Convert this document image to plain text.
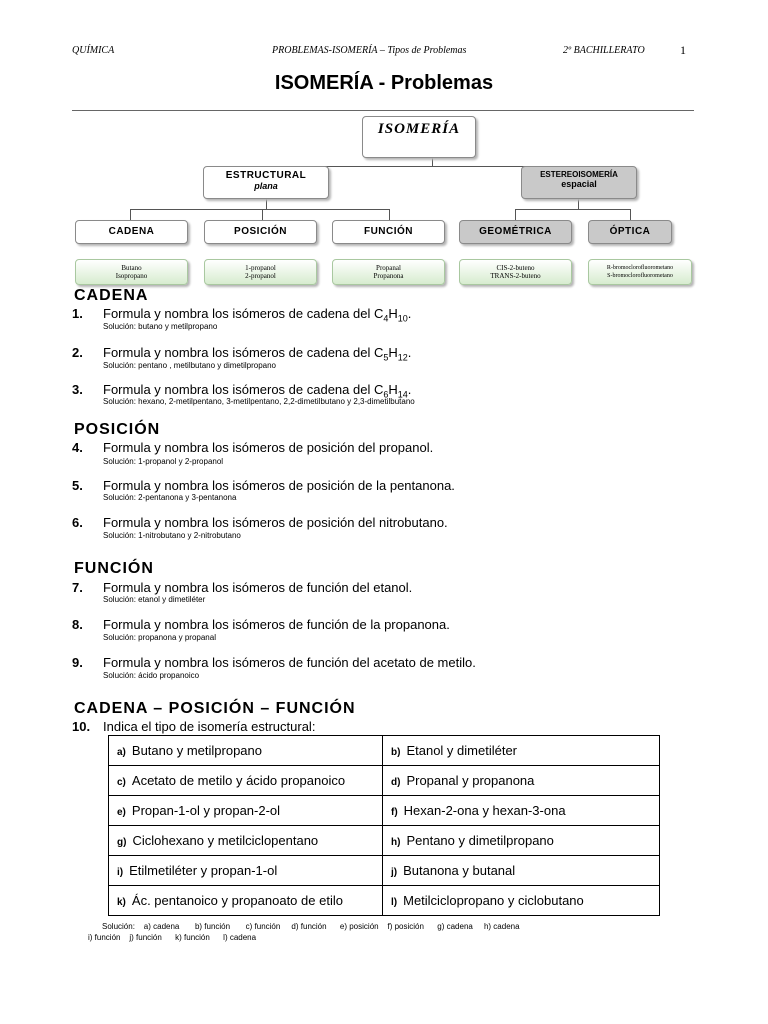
QUÍMICA	PROBLEMAS-ISOMERÍA – Tipos de Problemas	2º BACHILLERATO	1
ISOMERÍA - Problemas
ISOMERÍA
ESTRUCTURAL
plana
ESTEREOISOMERÍA
espacial
CADENA	POSICIÓN	FUNCIÓN	GEOMÉTRICA	ÓPTICA
Butano
Isopropano
1-propanol
2-propanol
Propanal
Propanona
CIS-2-buteno
TRANS-2-buteno
R-bromoclorofluorometano
S-bromoclorofluorometano
CADENA
1. Formula y nombra los isómeros de cadena del $C_4H_{10}$.
Solución: butano y metilpropano
2. Formula y nombra los isómeros de cadena del $C_5H_{12}$.
Solución: pentano , metilbutano y dimetilpropano
3. Formula y nombra los isómeros de cadena del $C_6H_{14}$.
Solución: hexano, 2-metilpentano, 3-metilpentano, 2,2-dimetilbutano y 2,3-dimetilbutano
POSICIÓN
4. Formula y nombra los isómeros de posición del propanol.
Solución: 1-propanol y 2-propanol
5. Formula y nombra los isómeros de posición de la pentanona.
Solución: 2-pentanona y 3-pentanona
6. Formula y nombra los isómeros de posición del nitrobutano.
Solución: 1-nitrobutano y 2-nitrobutano
FUNCIÓN
7. Formula y nombra los isómeros de función del etanol.
Solución: etanol y dimetiléter
8. Formula y nombra los isómeros de función de la propanona.
Solución: propanona y propanal
9. Formula y nombra los isómeros de función del acetato de metilo.
Solución: ácido propanoico
CADENA – POSICIÓN – FUNCIÓN
10. Indica el tipo de isomería estructural:
a) Butano y metilpropano	b) Etanol y dimetiléter
c) Acetato de metilo y ácido propanoico	d) Propanal y propanona
e) Propan-1-ol y propan-2-ol	f) Hexan-2-ona y hexan-3-ona
g) Ciclohexano y metilciclopentano	h) Pentano y dimetilpropano
i) Etilmetiléter y propan-1-ol	j) Butanona y butanal
k) Ác. pentanoico y propanoato de etilo	l) Metilciclopropano y ciclobutano
Solución:    a) cadena       b) función       c) función     d) función      e) posición    f) posición      g) cadena     h) cadena
i) función    j) función      k) función      l) cadena
